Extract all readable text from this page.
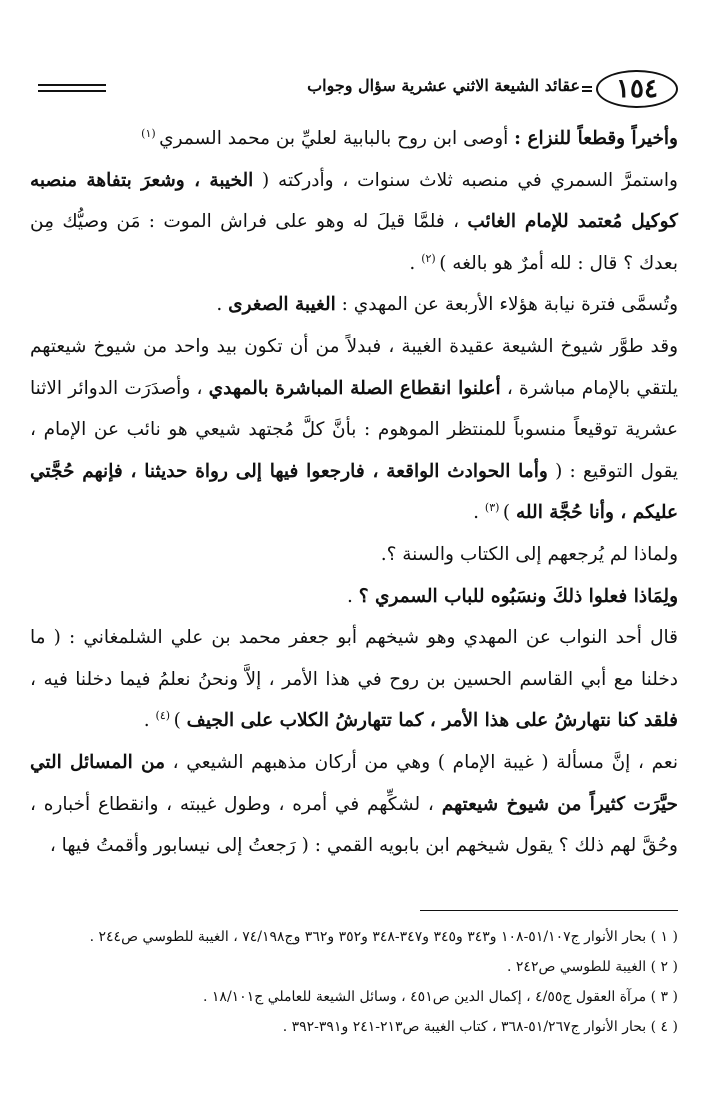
١٥٤
عقائد الشيعة الاثني عشرية سؤال وجواب

وأخيراً وقطعاً للنزاع : أوصى ابن روح بالبابية لعليِّ بن محمد السمري $^{(١)}$

واستمرَّ السمري في منصبه ثلاث سنوات ، وأدركته ( الخيبة ، وشعرَ بتفاهة منصبه كوكيل مُعتمد للإمام الغائب ، فلمَّا قيلَ له وهو على فراش الموت : مَن وصيُّك مِن بعدك ؟ قال : لله أمرٌ هو بالغه ) $^{(٢)}$ .

وتُسمَّى فترة نيابة هؤلاء الأربعة عن المهدي : الغيبة الصغرى .

وقد طوَّر شيوخ الشيعة عقيدة الغيبة ، فبدلاً من أن تكون بيد واحد من شيوخ شيعتهم يلتقي بالإمام مباشرة ، أعلنوا انقطاع الصلة المباشرة بالمهدي ، وأصدَرَت الدوائر الاثنا عشرية توقيعاً منسوباً للمنتظر الموهوم : بأنَّ كلَّ مُجتهد شيعي هو نائب عن الإمام ، يقول التوقيع : ( وأما الحوادث الواقعة ، فارجعوا فيها إلى رواة حديثنا ، فإنهم حُجَّتي عليكم ، وأنا حُجَّة الله ) $^{(٣)}$ .

ولماذا لم يُرجعهم إلى الكتاب والسنة ؟.

ولِمَاذا فعلوا ذلكَ ونسَبُوه للباب السمري ؟ .

قال أحد النواب عن المهدي وهو شيخهم أبو جعفر محمد بن علي الشلمغاني : ( ما دخلنا مع أبي القاسم الحسين بن روح في هذا الأمر ، إلاَّ ونحنُ نعلمُ فيما دخلنا فيه ، فلقد كنا نتهارشُ على هذا الأمر ، كما تتهارشُ الكلاب على الجيف ) $^{(٤)}$ .

نعم ، إنَّ مسألة ( غيبة الإمام ) وهي من أركان مذهبهم الشيعي ، من المسائل التي حيَّرَت كثيراً من شيوخ شيعتهم ، لشكِّهم في أمره ، وطول غيبته ، وانقطاع أخباره ، وحُقَّ لهم ذلك ؟ يقول شيخهم ابن بابويه القمي : ( رَجعتُ إلى نيسابور وأقمتُ فيها ،

( ١ ) بحار الأنوار ج٥١/١٠٧-١٠٨ و٣٤٣ و٣٤٥ و٣٤٧-٣٤٨ و٣٥٢ و٣٦٢ وج٧٤/١٩٨ ، الغيبة للطوسي ص٢٤٤ .

( ٢ ) الغيبة للطوسي ص٢٤٢ .

( ٣ ) مرآة العقول ج٤/٥٥ ، إكمال الدين ص٤٥١ ، وسائل الشيعة للعاملي ج١٨/١٠١ .

( ٤ ) بحار الأنوار ج٥١/٢٦٧-٣٦٨ ، كتاب الغيبة ص٢١٣-٢٤١ و٣٩١-٣٩٢ .
